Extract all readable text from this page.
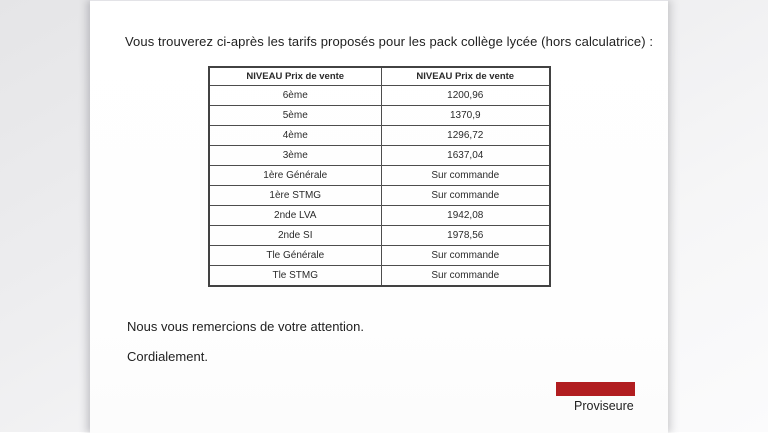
Vous trouverez ci-après les tarifs proposés pour les pack collège lycée (hors calculatrice) :

NIVEAU Prix de vente	NIVEAU Prix de vente
6ème	1200,96
5ème	1370,9
4ème	1296,72
3ème	1637,04
1ère Générale	Sur commande
1ère STMG	Sur commande
2nde LVA	1942,08
2nde SI	1978,56
Tle Générale	Sur commande
Tle STMG	Sur commande

Nous vous remercions de votre attention.

Cordialement.

Proviseure
